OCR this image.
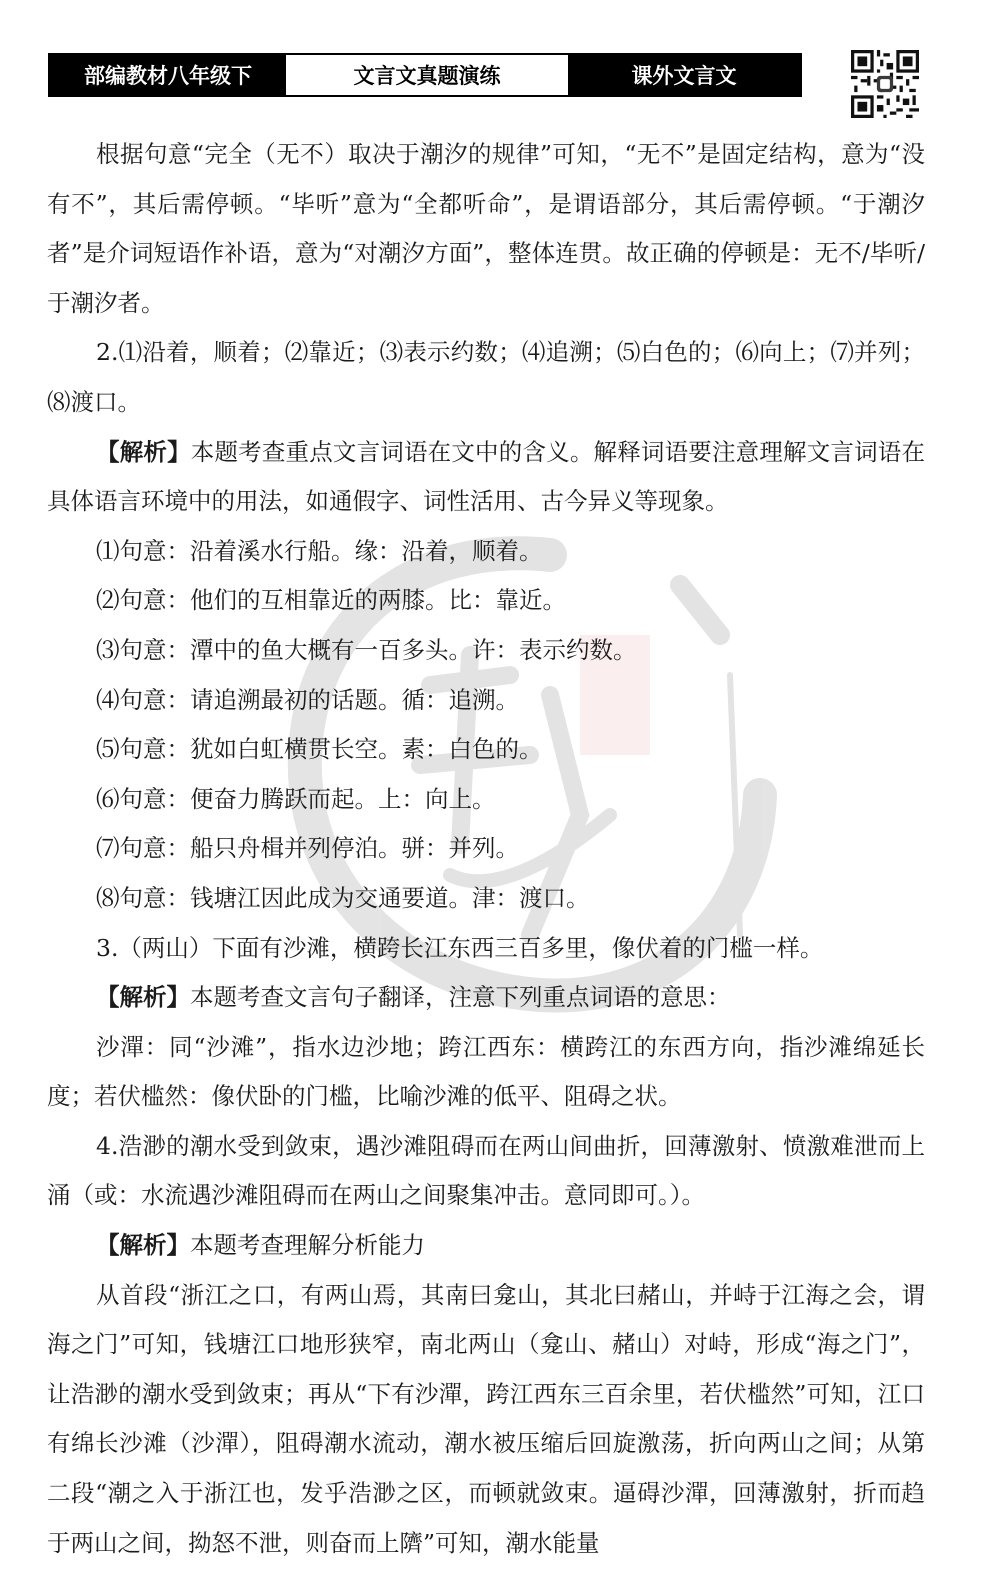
部编教材八年级下	文言文真题演练	课外文言文

根据句意“完全（无不）取决于潮汐的规律”可知，“无不”是固定结构，意为“没有不”，其后需停顿。“毕听”意为“全都听命”，是谓语部分，其后需停顿。“于潮汐者”是介词短语作补语，意为“对潮汐方面”，整体连贯。故正确的停顿是：无不/毕听/于潮汐者。

2.⑴沿着，顺着；⑵靠近；⑶表示约数；⑷追溯；⑸白色的；⑹向上；⑺并列；⑻渡口。

【解析】本题考查重点文言词语在文中的含义。解释词语要注意理解文言词语在具体语言环境中的用法，如通假字、词性活用、古今异义等现象。

⑴句意：沿着溪水行船。缘：沿着，顺着。

⑵句意：他们的互相靠近的两膝。比：靠近。

⑶句意：潭中的鱼大概有一百多头。许：表示约数。

⑷句意：请追溯最初的话题。循：追溯。

⑸句意：犹如白虹横贯长空。素：白色的。

⑹句意：便奋力腾跃而起。上：向上。

⑺句意：船只舟楫并列停泊。骈：并列。

⑻句意：钱塘江因此成为交通要道。津：渡口。

3.（两山）下面有沙滩，横跨长江东西三百多里，像伏着的门槛一样。

【解析】本题考查文言句子翻译，注意下列重点词语的意思：

沙潬：同“沙滩”，指水边沙地；跨江西东：横跨江的东西方向，指沙滩绵延长度；若伏槛然：像伏卧的门槛，比喻沙滩的低平、阻碍之状。

4.浩渺的潮水受到敛束，遇沙滩阻碍而在两山间曲折，回薄激射、愤激难泄而上涌（或：水流遇沙滩阻碍而在两山之间聚集冲击。意同即可。）。

【解析】本题考查理解分析能力

从首段“浙江之口，有两山焉，其南曰龛山，其北曰赭山，并峙于江海之会，谓海之门”可知，钱塘江口地形狭窄，南北两山（龛山、赭山）对峙，形成“海之门”，让浩渺的潮水受到敛束；再从“下有沙潬，跨江西东三百余里，若伏槛然”可知，江口有绵长沙滩（沙潬），阻碍潮水流动，潮水被压缩后回旋激荡，折向两山之间；从第二段“潮之入于浙江也，发乎浩渺之区，而顿就敛束。逼碍沙潬，回薄激射，折而趋于两山之间，拗怒不泄，则奋而上隮”可知，潮水能量
